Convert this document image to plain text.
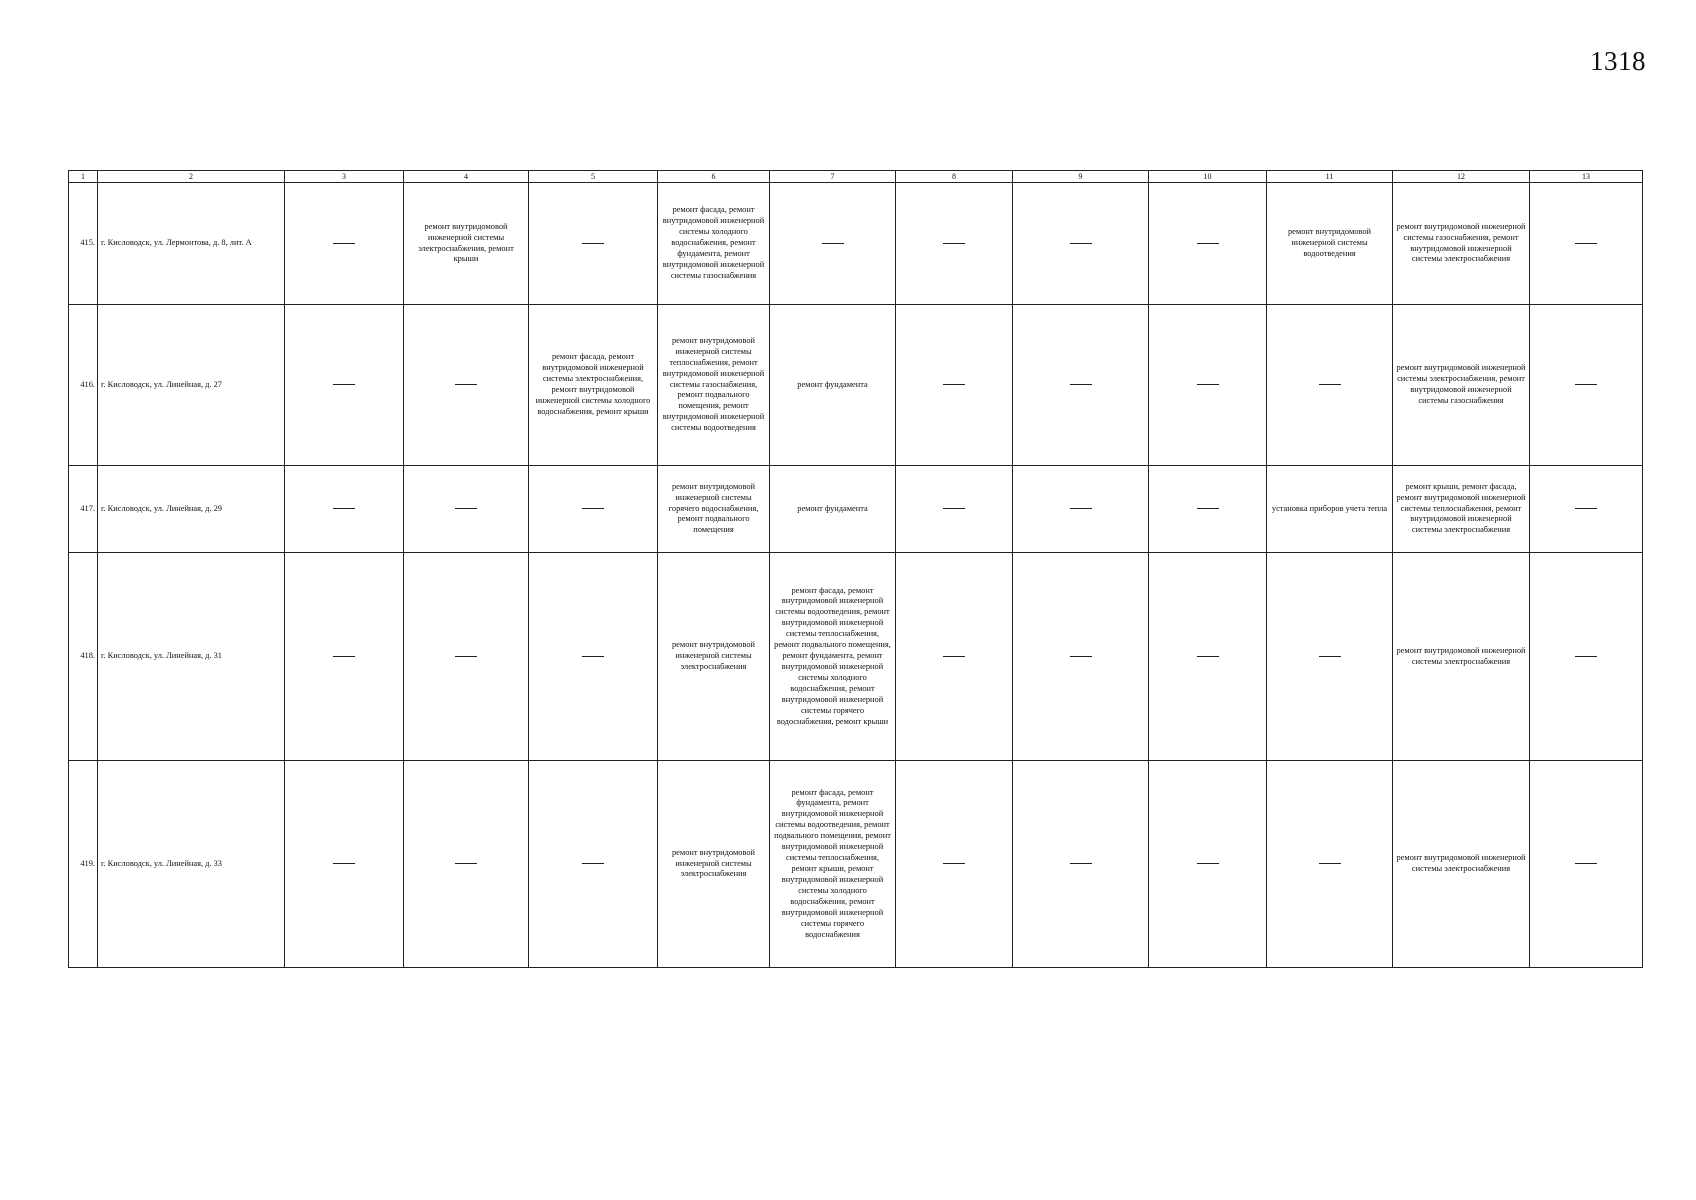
1318
1	2	3	4	5	6	7	8	9	10	11	12	13
415.	г. Кисловодск, ул. Лермонтова, д. 8, лит. А		ремонт внутридомовой инженерной системы электроснабжения, ремонт крыши		ремонт фасада, ремонт внутридомовой инженерной системы холодного водоснабжения, ремонт фундамента, ремонт внутридомовой инженерной системы газоснабжения					ремонт внутридомовой инженерной системы водоотведения	ремонт внутридомовой инженерной системы газоснабжения, ремонт внутридомовой инженерной системы электроснабжения	
416.	г. Кисловодск, ул. Линейная, д. 27			ремонт фасада, ремонт внутридомовой инженерной системы электроснабжения, ремонт внутридомовой инженерной системы холодного водоснабжения, ремонт крыши	ремонт внутридомовой инженерной системы теплоснабжения, ремонт внутридомовой инженерной системы газоснабжения, ремонт подвального помещения, ремонт внутридомовой инженерной системы водоотведения	ремонт фундамента					ремонт внутридомовой инженерной системы электроснабжения, ремонт внутридомовой инженерной системы газоснабжения	
417.	г. Кисловодск, ул. Линейная, д. 29				ремонт внутридомовой инженерной системы горячего водоснабжения, ремонт подвального помещения	ремонт фундамента				установка приборов учета тепла	ремонт крыши, ремонт фасада, ремонт внутридомовой инженерной системы теплоснабжения, ремонт внутридомовой инженерной системы электроснабжения	
418.	г. Кисловодск, ул. Линейная, д. 31				ремонт внутридомовой инженерной системы электроснабжения	ремонт фасада, ремонт внутридомовой инженерной системы водоотведения, ремонт внутридомовой инженерной системы теплоснабжения, ремонт подвального помещения, ремонт фундамента, ремонт внутридомовой инженерной системы холодного водоснабжения, ремонт внутридомовой инженерной системы горячего водоснабжения, ремонт крыши					ремонт внутридомовой инженерной системы электроснабжения	
419.	г. Кисловодск, ул. Линейная, д. 33				ремонт внутридомовой инженерной системы электроснабжения	ремонт фасада, ремонт фундамента, ремонт внутридомовой инженерной системы водоотведения, ремонт подвального помещения, ремонт внутридомовой инженерной системы теплоснабжения, ремонт крыши, ремонт внутридомовой инженерной системы холодного водоснабжения, ремонт внутридомовой инженерной системы горячего водоснабжения					ремонт внутридомовой инженерной системы электроснабжения	
